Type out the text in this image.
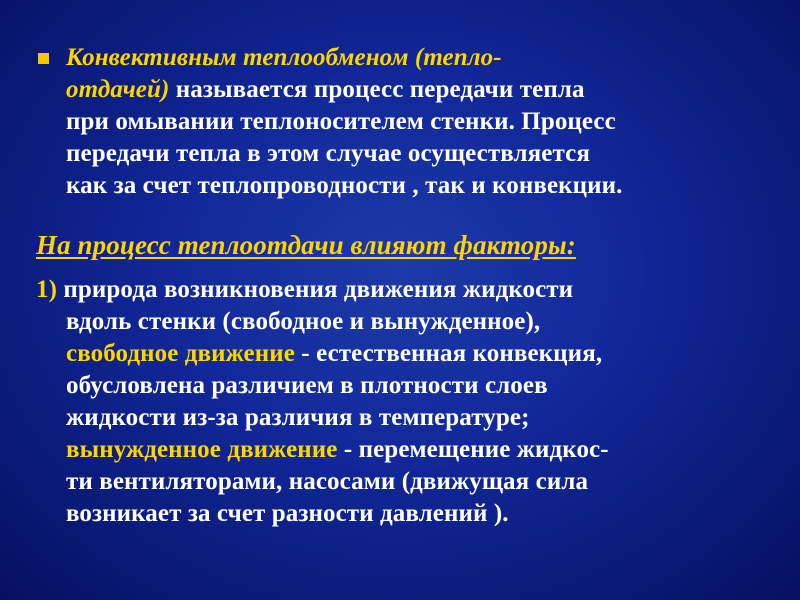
Конвективным теплообменом (тепло-
отдачей) называется процесс передачи тепла
при омывании теплоносителем стенки. Процесс
передачи тепла в этом случае осуществляется
как за счет теплопроводности , так и конвекции.
На процесс теплоотдачи влияют факторы:
1) природа возникновения движения жидкости
вдоль стенки (свободное и вынужденное),
свободное движение - естественная конвекция,
обусловлена различием в плотности слоев
жидкости из-за различия в температуре;
вынужденное движение - перемещение жидкос-
ти вентиляторами, насосами (движущая сила
возникает за счет разности давлений ).
